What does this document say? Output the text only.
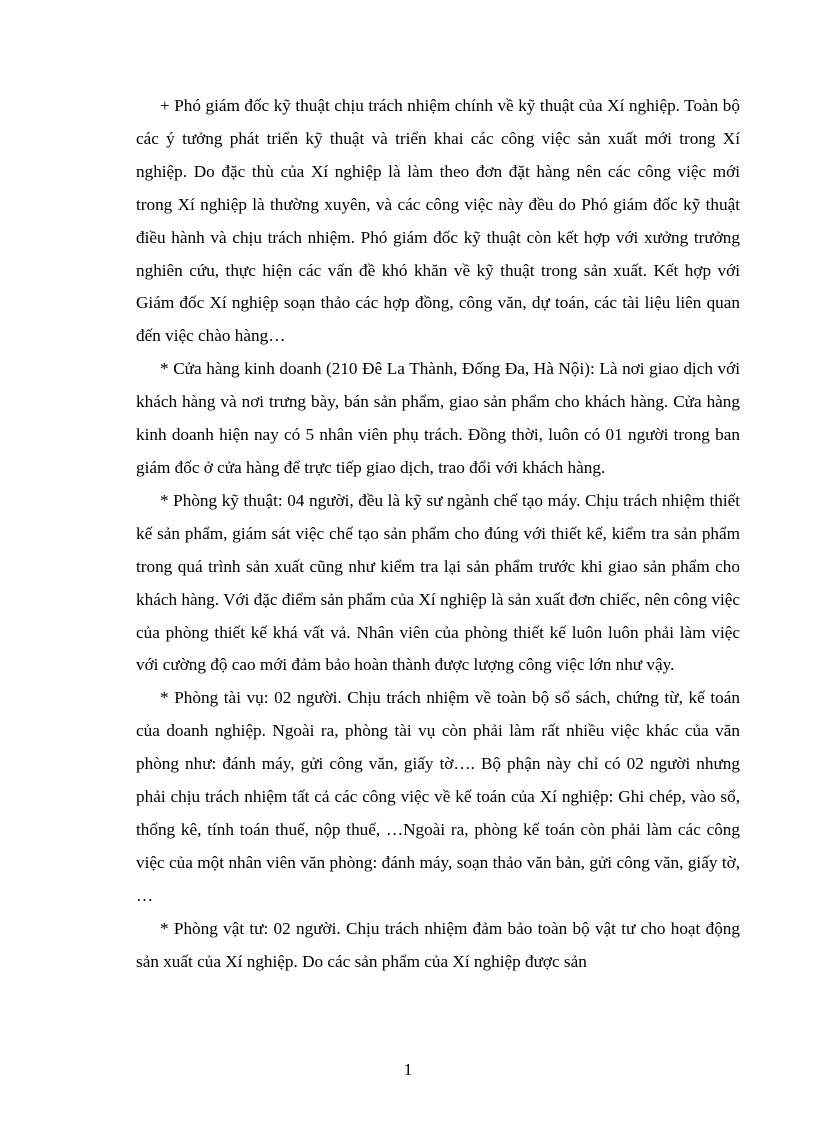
+ Phó giám đốc kỹ thuật chịu trách nhiệm chính về kỹ thuật của Xí nghiệp. Toàn bộ các ý tưởng phát triển kỹ thuật và triển khai các công việc sản xuất mới trong Xí nghiệp. Do đặc thù của Xí nghiệp là làm theo đơn đặt hàng nên các công việc mới trong Xí nghiệp là thường xuyên, và các công việc này đều do Phó giám đốc kỹ thuật điều hành và chịu trách nhiệm. Phó giám đốc kỹ thuật còn kết hợp với xưởng trưởng nghiên cứu, thực hiện các vấn đề khó khăn về kỹ thuật trong sản xuất. Kết hợp với Giám đốc Xí nghiệp soạn thảo các hợp đồng, công văn, dự toán, các tài liệu liên quan đến việc chào hàng…

* Cửa hàng kinh doanh (210 Đê La Thành, Đống Đa, Hà Nội): Là nơi giao dịch với khách hàng và nơi trưng bày, bán sản phẩm, giao sản phẩm cho khách hàng. Cửa hàng kinh doanh hiện nay có 5 nhân viên phụ trách. Đồng thời, luôn có 01 người trong ban giám đốc ở cửa hàng để trực tiếp giao dịch, trao đổi với khách hàng.

* Phòng kỹ thuật: 04 người, đều là kỹ sư ngành chế tạo máy. Chịu trách nhiệm thiết kế sản phẩm, giám sát việc chế tạo sản phẩm cho đúng với thiết kế, kiểm tra sản phẩm trong quá trình sản xuất cũng như kiểm tra lại sản phẩm trước khi giao sản phẩm cho khách hàng. Với đặc điểm sản phẩm của Xí nghiệp là sản xuất đơn chiếc, nên công việc của phòng thiết kế khá vất vả. Nhân viên của phòng thiết kế luôn luôn phải làm việc với cường độ cao mới đảm bảo hoàn thành được lượng công việc lớn như vậy.

* Phòng tài vụ: 02 người. Chịu trách nhiệm về toàn bộ sổ sách, chứng từ, kế toán của doanh nghiệp. Ngoài ra, phòng tài vụ còn phải làm rất nhiều việc khác của văn phòng như: đánh máy, gửi công văn, giấy tờ…. Bộ phận này chỉ có 02 người nhưng phải chịu trách nhiệm tất cả các công việc về kế toán của Xí nghiệp: Ghi chép, vào sổ, thống kê, tính toán thuế, nộp thuế, …Ngoài ra, phòng kế toán còn phải làm các công việc của một nhân viên văn phòng: đánh máy, soạn thảo văn bản, gửi công văn, giấy tờ, …

* Phòng vật tư: 02 người. Chịu trách nhiệm đảm bảo toàn bộ vật tư cho hoạt động sản xuất của Xí nghiệp. Do các sản phẩm của Xí nghiệp được sản

1
